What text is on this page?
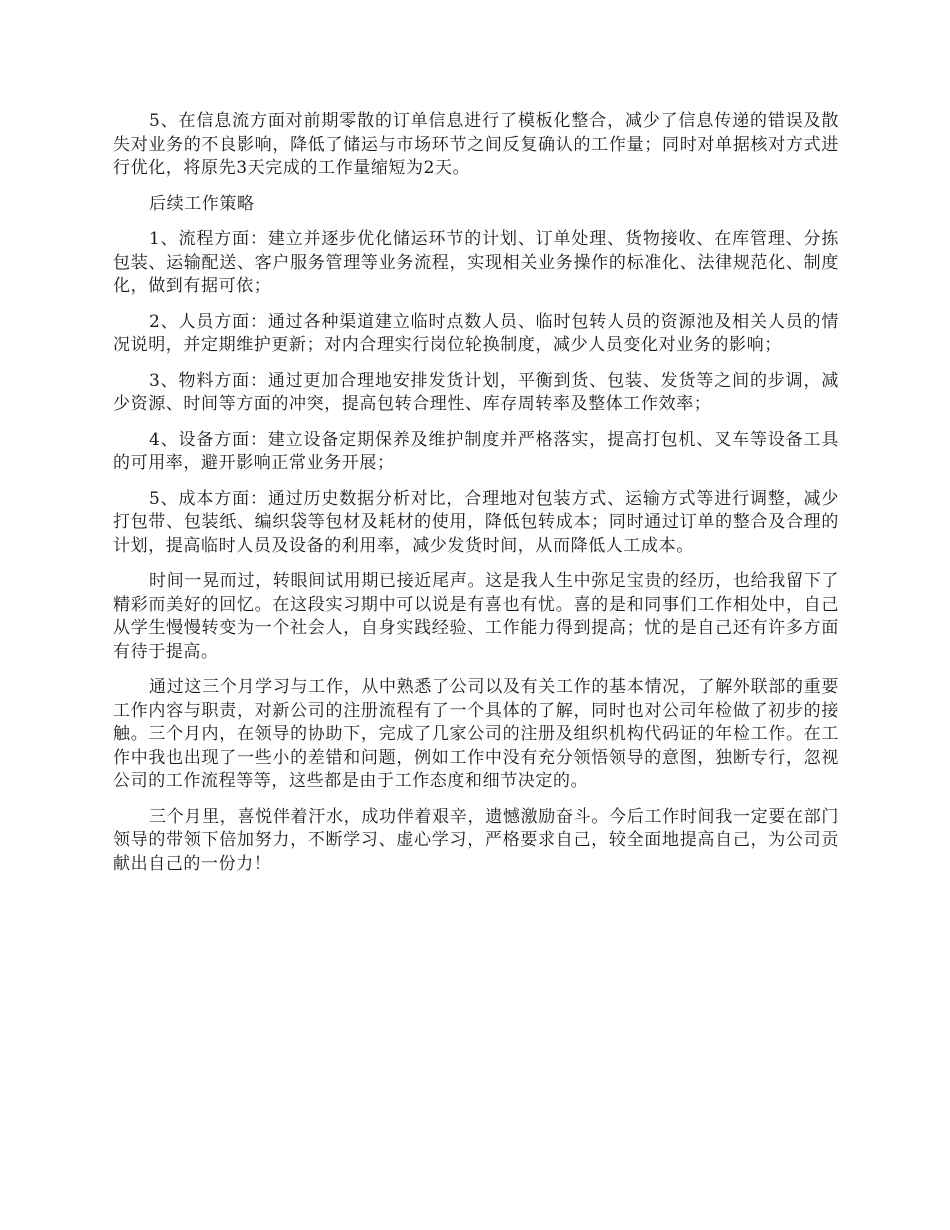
5、在信息流方面对前期零散的订单信息进行了模板化整合，减少了信息传递的错误及散失对业务的不良影响，降低了储运与市场环节之间反复确认的工作量；同时对单据核对方式进行优化，将原先3天完成的工作量缩短为2天。

后续工作策略

1、流程方面：建立并逐步优化储运环节的计划、订单处理、货物接收、在库管理、分拣包装、运输配送、客户服务管理等业务流程，实现相关业务操作的标准化、法律规范化、制度化，做到有据可依；

2、人员方面：通过各种渠道建立临时点数人员、临时包转人员的资源池及相关人员的情况说明，并定期维护更新；对内合理实行岗位轮换制度，减少人员变化对业务的影响；

3、物料方面：通过更加合理地安排发货计划，平衡到货、包装、发货等之间的步调，减少资源、时间等方面的冲突，提高包转合理性、库存周转率及整体工作效率；

4、设备方面：建立设备定期保养及维护制度并严格落实，提高打包机、叉车等设备工具的可用率，避开影响正常业务开展；

5、成本方面：通过历史数据分析对比，合理地对包装方式、运输方式等进行调整，减少打包带、包装纸、编织袋等包材及耗材的使用，降低包转成本；同时通过订单的整合及合理的计划，提高临时人员及设备的利用率，减少发货时间，从而降低人工成本。

时间一晃而过，转眼间试用期已接近尾声。这是我人生中弥足宝贵的经历，也给我留下了精彩而美好的回忆。在这段实习期中可以说是有喜也有忧。喜的是和同事们工作相处中，自己从学生慢慢转变为一个社会人，自身实践经验、工作能力得到提高；忧的是自己还有许多方面有待于提高。

通过这三个月学习与工作，从中熟悉了公司以及有关工作的基本情况，了解外联部的重要工作内容与职责，对新公司的注册流程有了一个具体的了解，同时也对公司年检做了初步的接触。三个月内，在领导的协助下，完成了几家公司的注册及组织机构代码证的年检工作。在工作中我也出现了一些小的差错和问题，例如工作中没有充分领悟领导的意图，独断专行，忽视公司的工作流程等等，这些都是由于工作态度和细节决定的。

三个月里，喜悦伴着汗水，成功伴着艰辛，遗憾激励奋斗。今后工作时间我一定要在部门领导的带领下倍加努力，不断学习、虚心学习，严格要求自己，较全面地提高自己，为公司贡献出自己的一份力！
